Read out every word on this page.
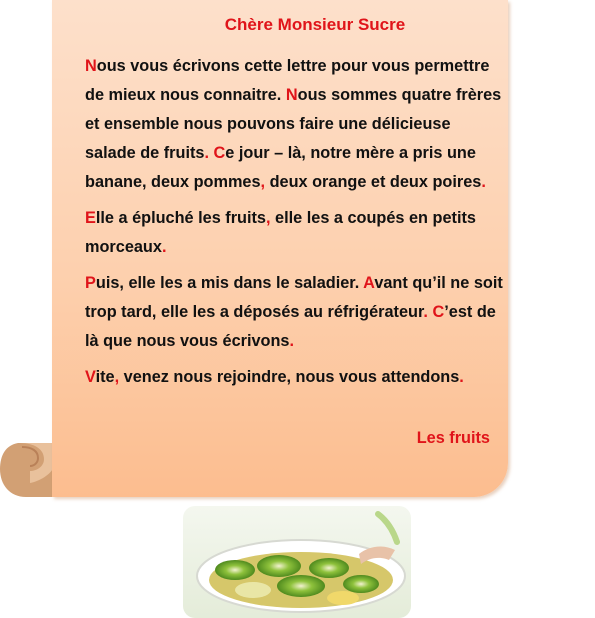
Chère Monsieur Sucre

Nous vous écrivons cette lettre pour vous permettre de mieux nous connaitre. Nous sommes quatre frères et ensemble nous pouvons faire une délicieuse salade de fruits. Ce jour – là, notre mère a pris une banane, deux pommes, deux orange et deux poires.

Elle a épluché les fruits, elle les a coupés en petits morceaux.

Puis, elle les a mis dans le saladier. Avant qu’il ne soit trop tard, elle les a déposés au réfrigérateur. C’est de là que nous vous écrivons.

Vite, venez nous rejoindre, nous vous attendons.

Les fruits
